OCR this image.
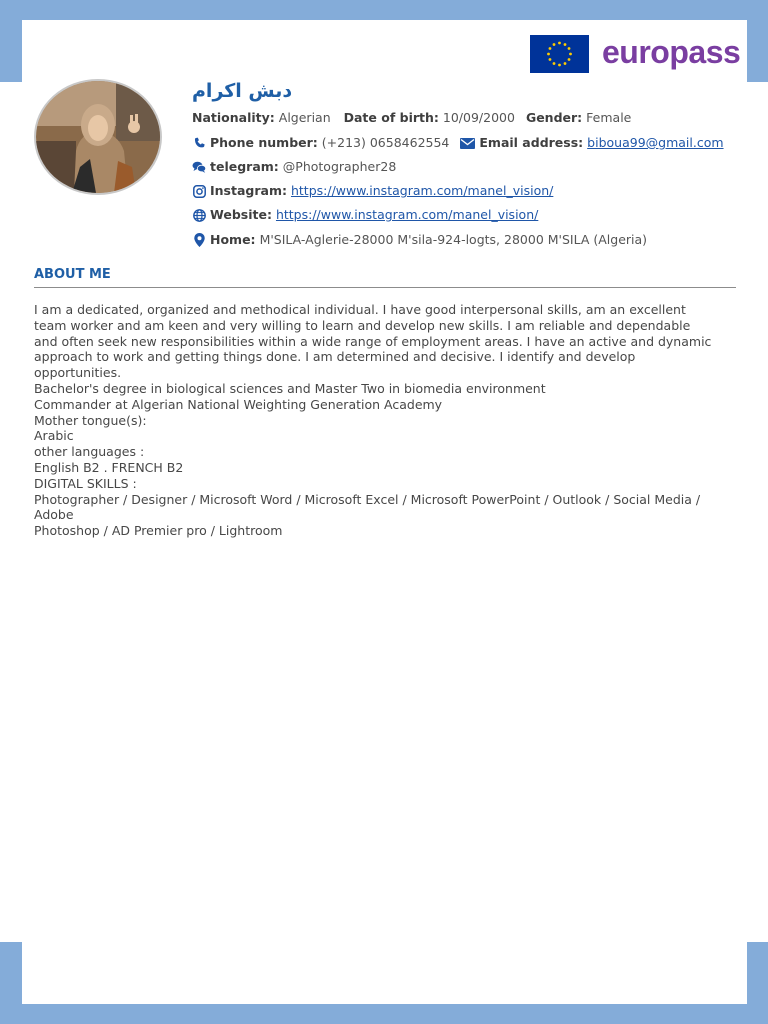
europass
دبش اكرام
Nationality: Algerian Date of birth: 10/09/2000 Gender: Female
Phone number: (+213) 0658462554 Email address: biboua99@gmail.com
telegram: @Photographer28
Instagram: https://www.instagram.com/manel_vision/
Website: https://www.instagram.com/manel_vision/
Home: M'SILA-Aglerie-28000 M'sila-924-logts, 28000 M'SILA (Algeria)
ABOUT ME

I am a dedicated, organized and methodical individual. I have good interpersonal skills, am an excellent

team worker and am keen and very willing to learn and develop new skills. I am reliable and dependable

and often seek new responsibilities within a wide range of employment areas. I have an active and dynamic

approach to work and getting things done. I am determined and decisive. I identify and develop

opportunities.

Bachelor's degree in biological sciences and Master Two in biomedia environment

Commander at Algerian National Weighting Generation Academy

Mother tongue(s):

Arabic

other languages :

English B2 . FRENCH B2

DIGITAL SKILLS :

Photographer / Designer / Microsoft Word / Microsoft Excel / Microsoft PowerPoint / Outlook / Social Media / Adobe

Photoshop / AD Premier pro / Lightroom
